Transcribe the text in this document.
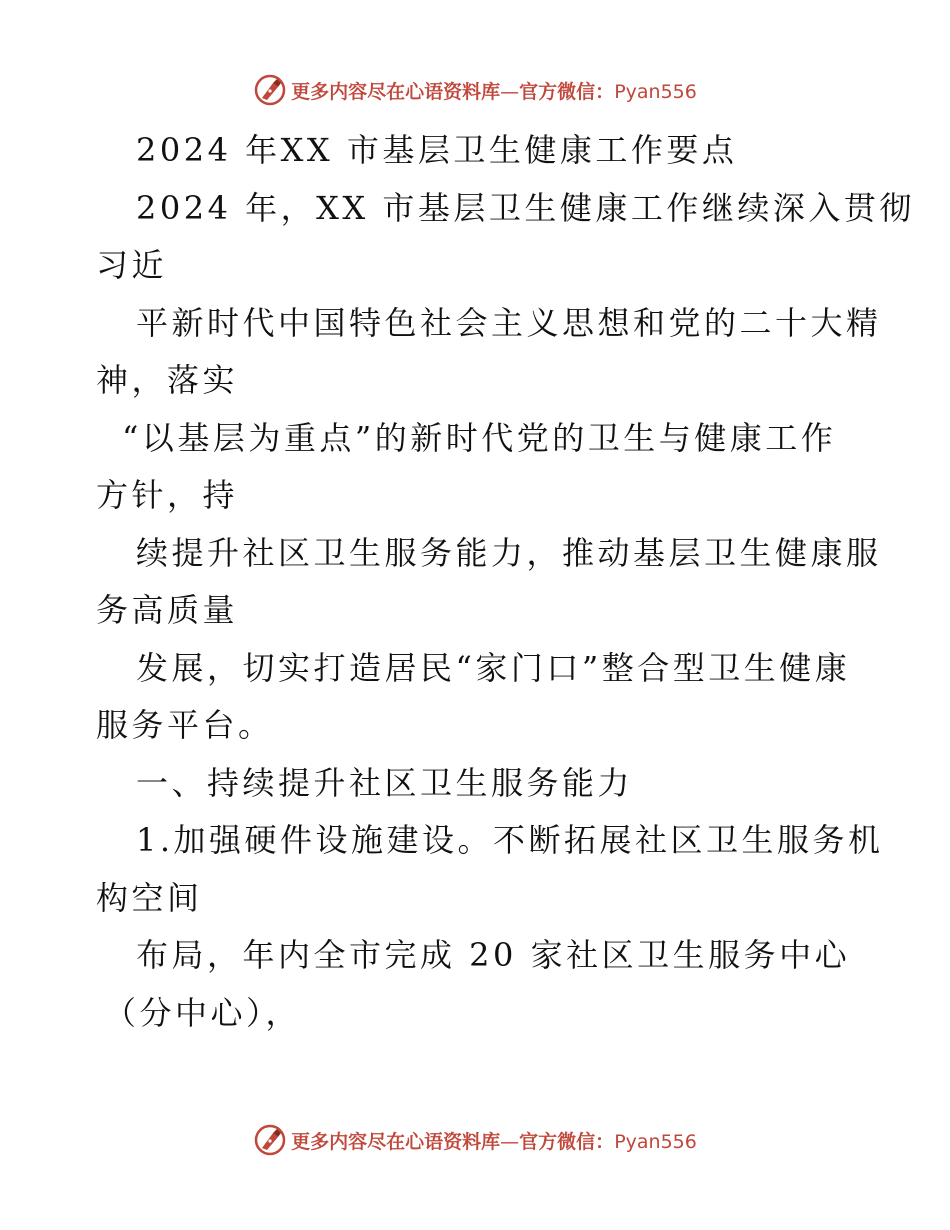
更多内容尽在心语资料库—官方微信：Pyan556
2024 年XX 市基层卫生健康工作要点
2024 年，XX 市基层卫生健康工作继续深入贯彻
习近
平新时代中国特色社会主义思想和党的二十大精
神，落实
“以基层为重点”的新时代党的卫生与健康工作
方针，持
续提升社区卫生服务能力，推动基层卫生健康服
务高质量
发展，切实打造居民“家门口”整合型卫生健康
服务平台。
一、持续提升社区卫生服务能力
1.加强硬件设施建设。不断拓展社区卫生服务机
构空间
布局，年内全市完成 20 家社区卫生服务中心
（分中心），
更多内容尽在心语资料库—官方微信：Pyan556
